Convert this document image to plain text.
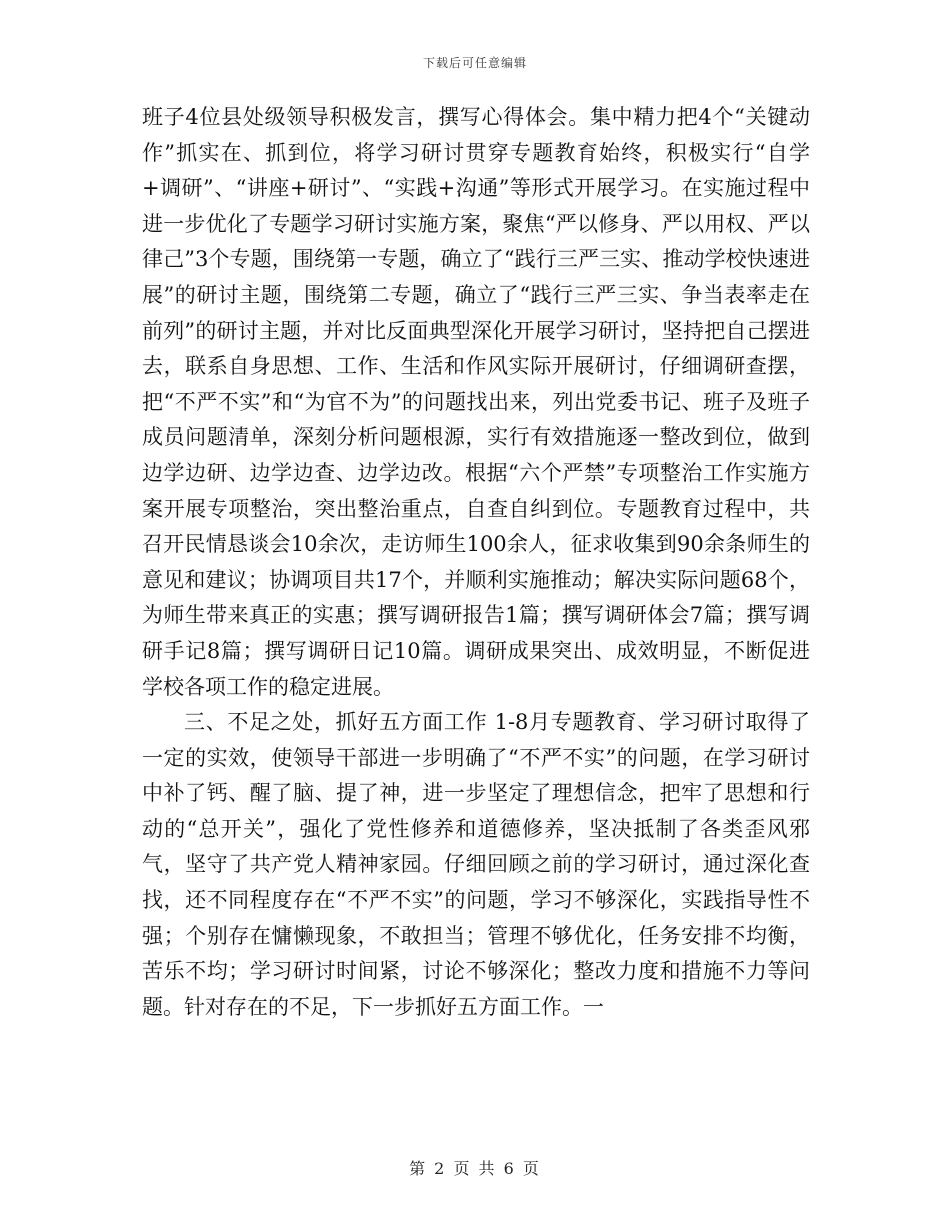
下载后可任意编辑

班子4位县处级领导积极发言，撰写心得体会。集中精力把4个“关键动作”抓实在、抓到位，将学习研讨贯穿专题教育始终，积极实行“自学+调研”、“讲座+研讨”、“实践+沟通”等形式开展学习。在实施过程中进一步优化了专题学习研讨实施方案，聚焦“严以修身、严以用权、严以律己”3个专题，围绕第一专题，确立了“践行三严三实、推动学校快速进展”的研讨主题，围绕第二专题，确立了“践行三严三实、争当表率走在前列”的研讨主题，并对比反面典型深化开展学习研讨，坚持把自己摆进去，联系自身思想、工作、生活和作风实际开展研讨，仔细调研查摆，把“不严不实”和“为官不为”的问题找出来，列出党委书记、班子及班子成员问题清单，深刻分析问题根源，实行有效措施逐一整改到位，做到边学边研、边学边查、边学边改。根据“六个严禁”专项整治工作实施方案开展专项整治，突出整治重点，自查自纠到位。专题教育过程中，共召开民情恳谈会10余次，走访师生100余人，征求收集到90余条师生的意见和建议；协调项目共17个，并顺利实施推动；解决实际问题68个，为师生带来真正的实惠；撰写调研报告1篇；撰写调研体会7篇；撰写调研手记8篇；撰写调研日记10篇。调研成果突出、成效明显，不断促进学校各项工作的稳定进展。

三、不足之处，抓好五方面工作 1-8月专题教育、学习研讨取得了一定的实效，使领导干部进一步明确了“不严不实”的问题，在学习研讨中补了钙、醒了脑、提了神，进一步坚定了理想信念，把牢了思想和行动的“总开关”，强化了党性修养和道德修养，坚决抵制了各类歪风邪气，坚守了共产党人精神家园。仔细回顾之前的学习研讨，通过深化查找，还不同程度存在“不严不实”的问题，学习不够深化，实践指导性不强；个别存在慵懒现象，不敢担当；管理不够优化，任务安排不均衡，苦乐不均；学习研讨时间紧，讨论不够深化；整改力度和措施不力等问题。针对存在的不足，下一步抓好五方面工作。一

第 2 页 共 6 页
